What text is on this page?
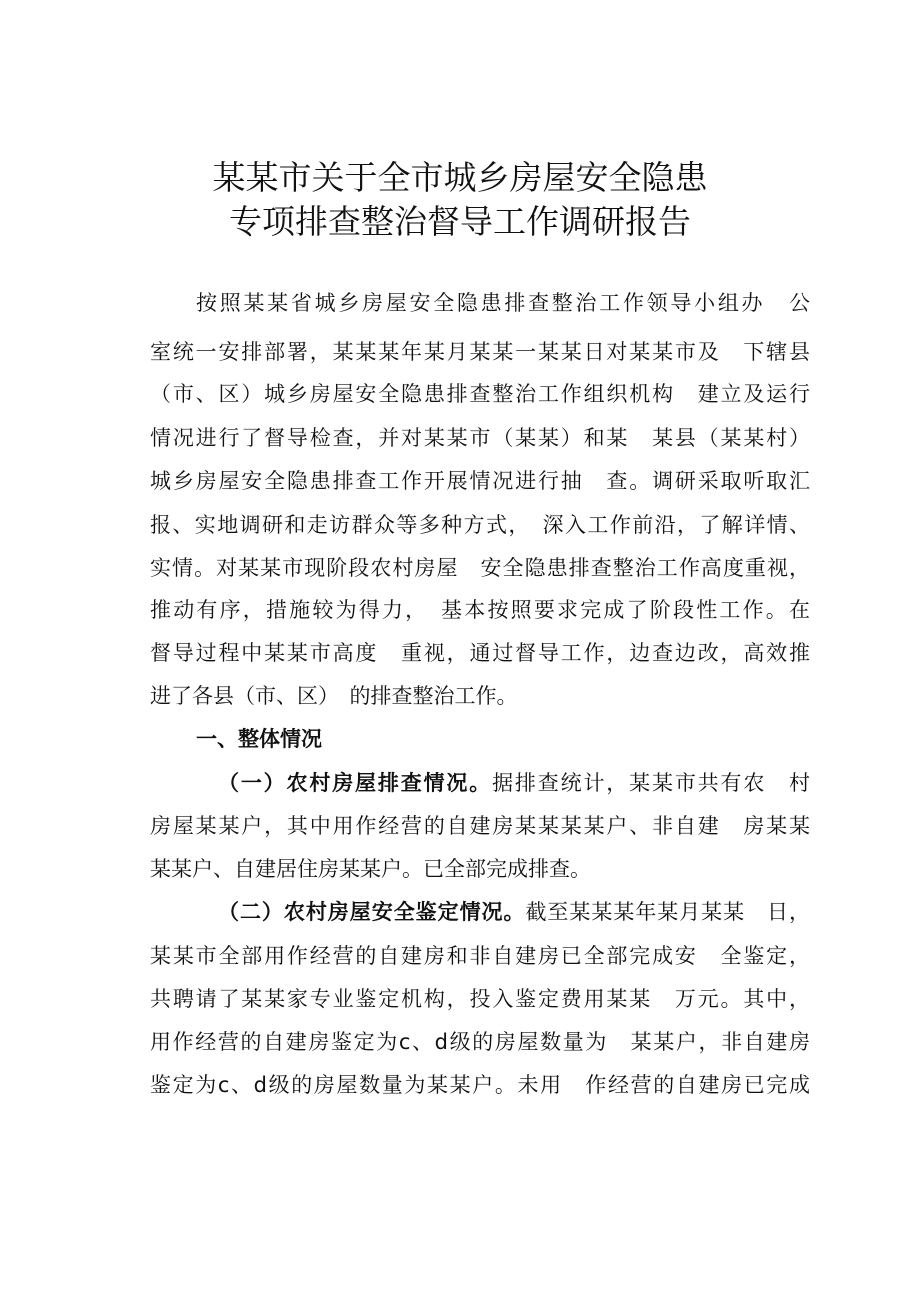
某某市关于全市城乡房屋安全隐患
专项排查整治督导工作调研报告
按照某某省城乡房屋安全隐患排查整治工作领导小组办　公
室统一安排部署，某某某年某月某某一某某日对某某市及　下辖县
（市、区）城乡房屋安全隐患排查整治工作组织机构　建立及运行
情况进行了督导检查，并对某某市（某某）和某　某县（某某村）
城乡房屋安全隐患排查工作开展情况进行抽　查。调研采取听取汇
报、实地调研和走访群众等多种方式，　深入工作前沿，了解详情、
实情。对某某市现阶段农村房屋　安全隐患排查整治工作高度重视，
推动有序，措施较为得力，　基本按照要求完成了阶段性工作。在
督导过程中某某市高度　重视，通过督导工作，边查边改，高效推
进了各县（市、区）　的排查整治工作。
一、整体情况
（一）农村房屋排查情况。据排查统计，某某市共有农　村
房屋某某户，其中用作经营的自建房某某某某户、非自建　房某某
某某户、自建居住房某某户。已全部完成排查。
（二）农村房屋安全鉴定情况。截至某某某年某月某某　日，
某某市全部用作经营的自建房和非自建房已全部完成安　全鉴定，
共聘请了某某家专业鉴定机构，投入鉴定费用某某　万元。其中，
用作经营的自建房鉴定为c、d级的房屋数量为　某某户，非自建房
鉴定为c、d级的房屋数量为某某户。未用　作经营的自建房已完成
